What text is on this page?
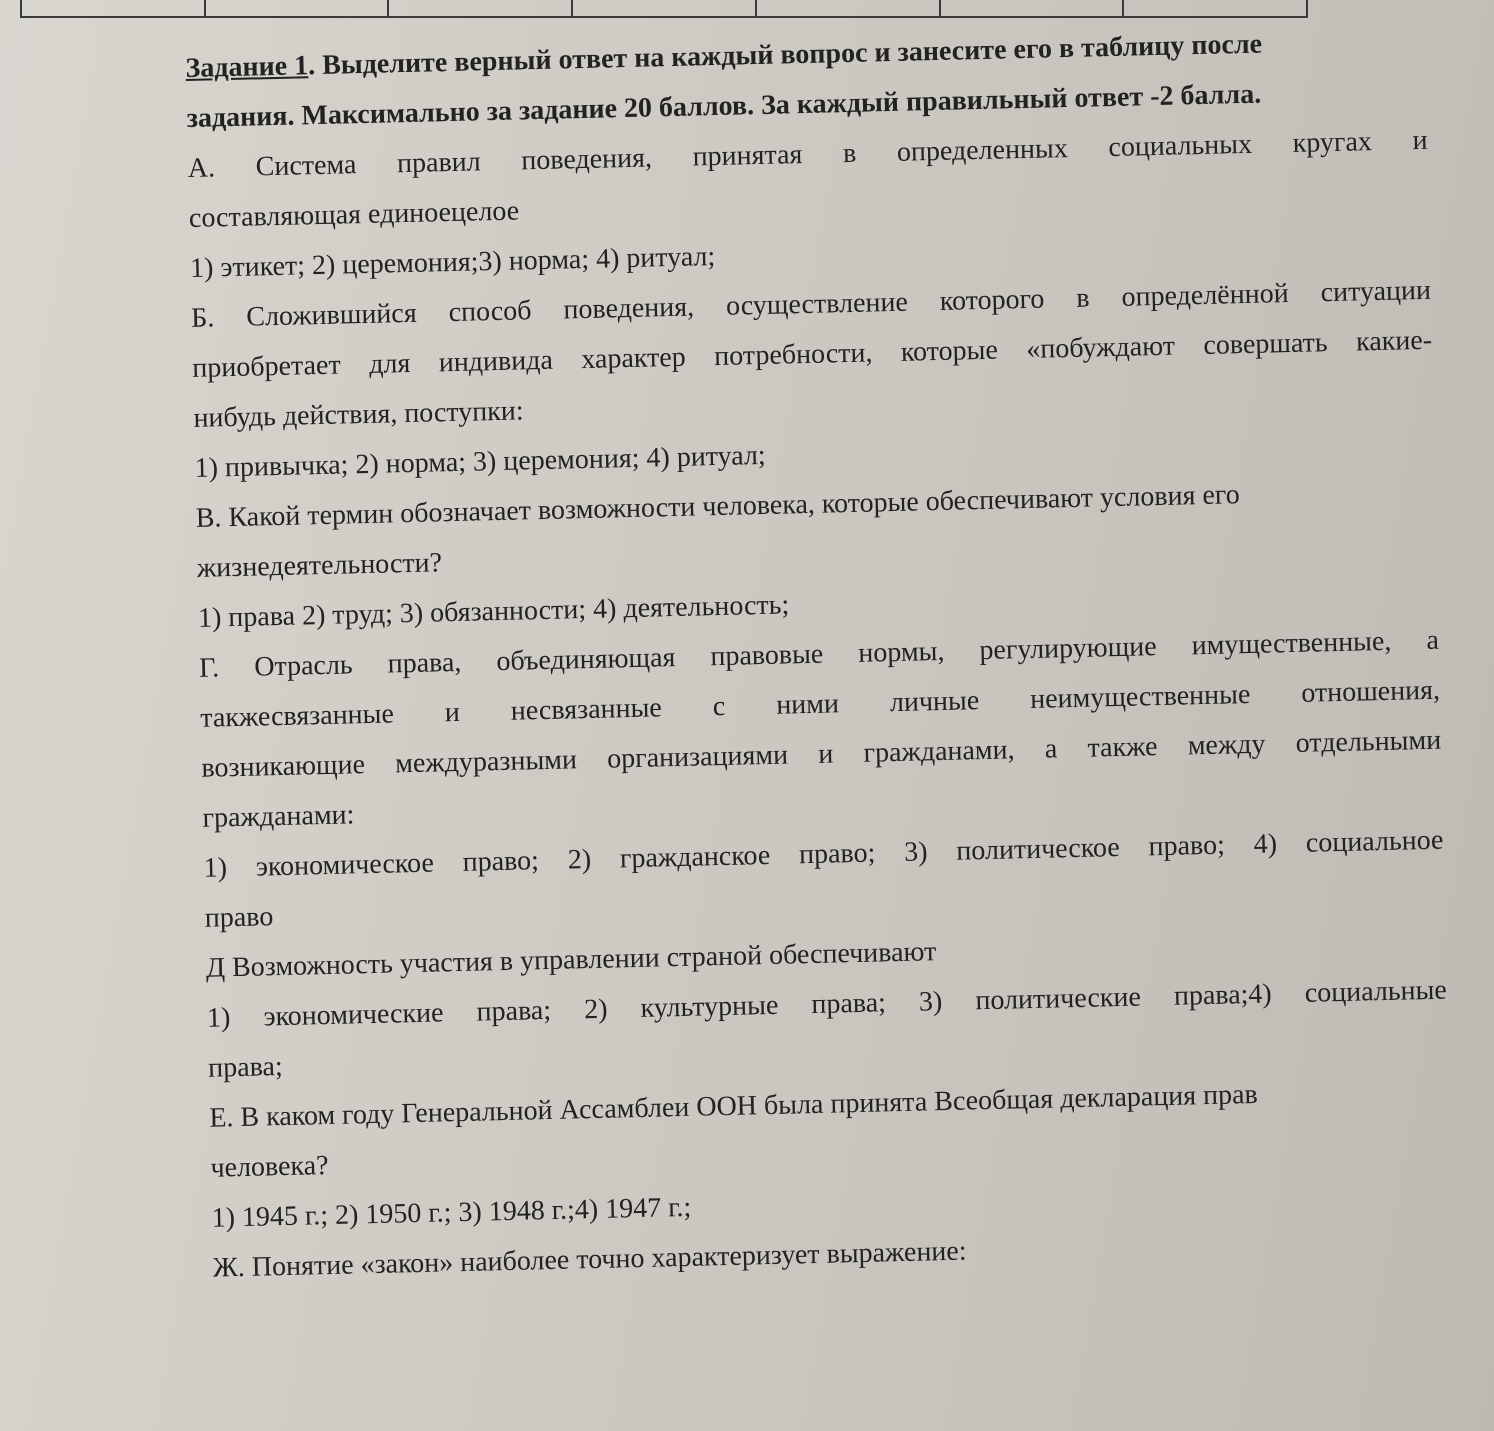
Задание 1. Выделите верный ответ на каждый вопрос и занесите его в таблицу после

задания. Максимально за задание 20 баллов. За каждый правильный ответ -2 балла.

А. Система правил поведения, принятая в определенных социальных кругах и

составляющая единоецелое

1) этикет; 2) церемония;3) норма; 4) ритуал;

Б. Сложившийся способ поведения, осуществление которого в определённой ситуации

приобретает для индивида характер потребности, которые «побуждают совершать какие-

нибудь действия, поступки:

1) привычка; 2) норма; 3) церемония; 4) ритуал;

В. Какой термин обозначает возможности человека, которые обеспечивают условия его

жизнедеятельности?

1) права 2) труд; 3) обязанности; 4) деятельность;

Г. Отрасль права, объединяющая правовые нормы, регулирующие имущественные, а

такжесвязанные и несвязанные с ними личные неимущественные отношения,

возникающие междуразными организациями и гражданами, а также между отдельными

гражданами:

1) экономическое право; 2) гражданское право; 3) политическое право; 4) социальное

право

Д Возможность участия в управлении страной обеспечивают

1) экономические права; 2) культурные права; 3) политические права;4) социальные

права;

Е. В каком году Генеральной Ассамблеи ООН была принята Всеобщая декларация прав

человека?

1) 1945 г.; 2) 1950 г.; 3) 1948 г.;4) 1947 г.;

Ж. Понятие «закон» наиболее точно характеризует выражение:
